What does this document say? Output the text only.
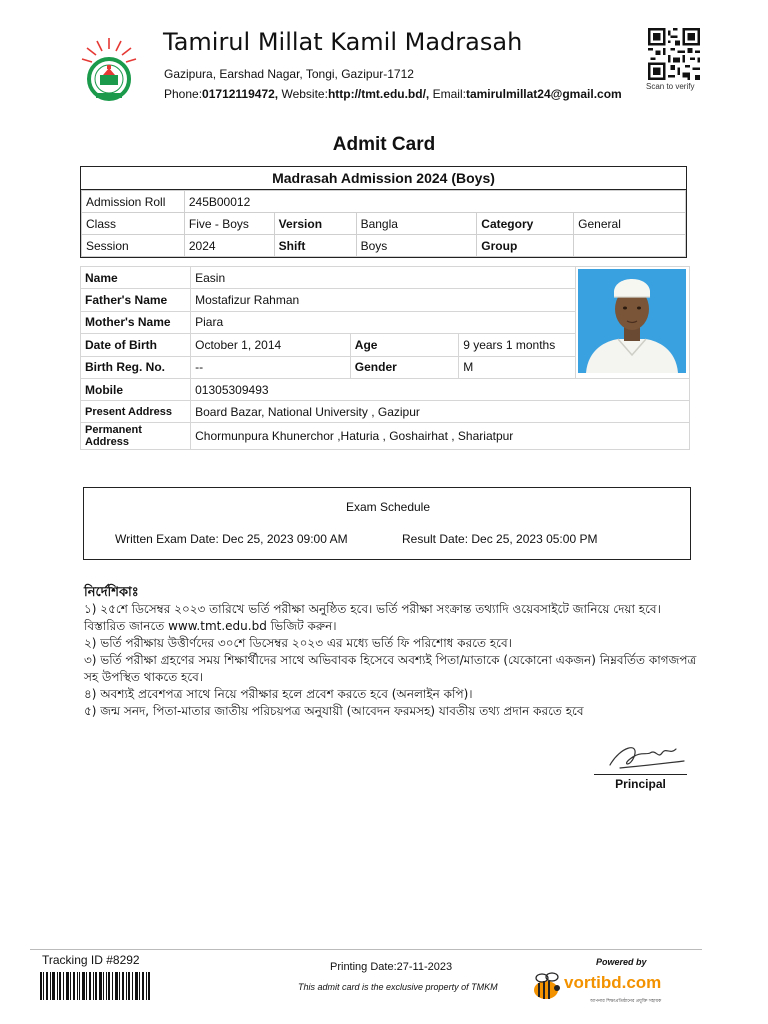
Tamirul Millat Kamil Madrasah
Gazipura, Earshad Nagar, Tongi, Gazipur-1712
Phone:01712119472, Website:http://tmt.edu.bd/, Email:tamirulmillat24@gmail.com
Scan to verify
Admit Card
Madrasah Admission 2024 (Boys)
Admission Roll	245B00012				
Class	Five - Boys	Version	Bangla	Category	General
Session	2024	Shift	Boys	Group	
Name	Easin	
Father's Name	Mostafizur Rahman			
Mother's Name	Piara			
Date of Birth	October 1, 2014	Age	9 years 1 months	
Birth Reg. No.	--	Gender	M	
Mobile	01305309493			
Present Address	Board Bazar, National University , Gazipur			
Permanent Address	Chormunpura Khunerchor ,Haturia , Goshairhat , Shariatpur			
Exam Schedule
Written Exam Date: Dec 25, 2023 09:00 AM	Result Date: Dec 25, 2023 05:00 PM
নির্দেশিকাঃ
১) ২৫শে ডিসেম্বর ২০২৩ তারিখে ভর্তি পরীক্ষা অনুষ্ঠিত হবে। ভর্তি পরীক্ষা সংক্রান্ত তথ্যাদি ওয়েবসাইটে জানিয়ে দেয়া হবে। বিস্তারিত জানতে www.tmt.edu.bd ভিজিট করুন।
২) ভর্তি পরীক্ষায় উত্তীর্ণদের ৩০শে ডিসেম্বর ২০২৩ এর মধ্যে ভর্তি ফি পরিশোধ করতে হবে।
৩) ভর্তি পরীক্ষা গ্রহণের সময় শিক্ষার্থীদের সাথে অভিবাবক হিসেবে অবশ্যই পিতা/মাতাকে (যেকোনো একজন) নিম্নবর্তিত কাগজপত্র সহ উপস্থিত থাকতে হবে।
৪) অবশ্যই প্রবেশপত্র সাথে নিয়ে পরীক্ষার হলে প্রবেশ করতে হবে (অনলাইন কপি)।
৫) জন্ম সনদ, পিতা-মাতার জাতীয় পরিচয়পত্র অনুযায়ী (আবেদন ফরমসহ) যাবতীয় তথ্য প্রদান করতে হবে
Principal
Tracking ID #8292	Printing Date:27-11-2023
This admit card is the exclusive property of TMKM
Powered by
vortibd.com
আপনার শিক্ষাপ্রতিষ্ঠানের প্রযুক্তি সহায়ক
